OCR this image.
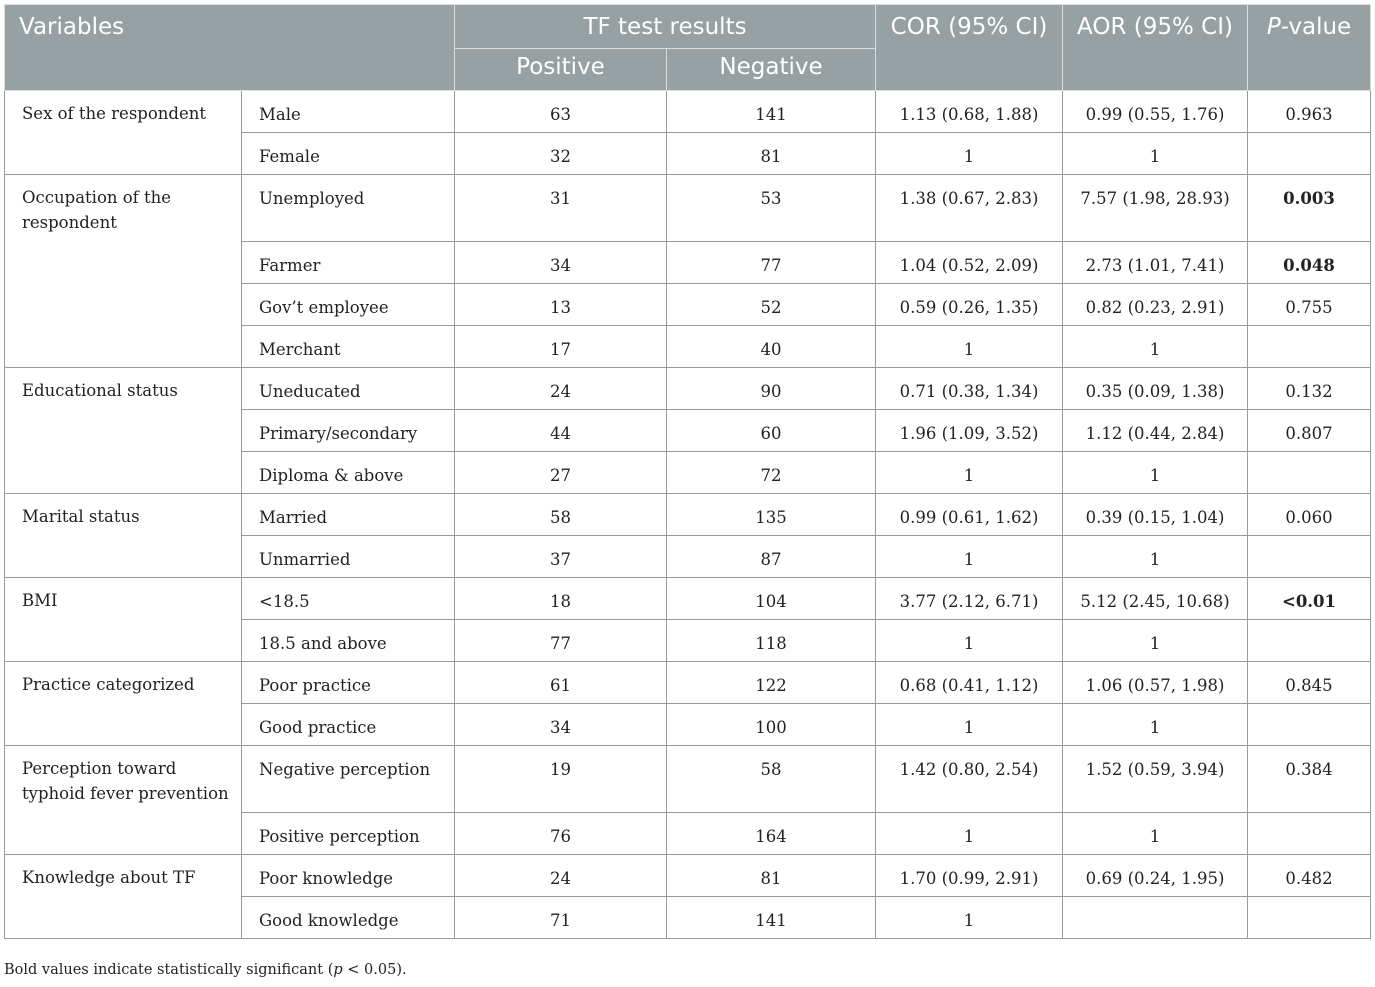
Variables		TF test results		COR (95% CI)	AOR (95% CI)	P-value
		Positive	Negative			
Sex of the respondent	Male	63	141	1.13 (0.68, 1.88)	0.99 (0.55, 1.76)	0.963
	Female	32	81	1	1	
Occupation of the respondent	Unemployed	31	53	1.38 (0.67, 2.83)	7.57 (1.98, 28.93)	0.003
	Farmer	34	77	1.04 (0.52, 2.09)	2.73 (1.01, 7.41)	0.048
	Gov’t employee	13	52	0.59 (0.26, 1.35)	0.82 (0.23, 2.91)	0.755
	Merchant	17	40	1	1	
Educational status	Uneducated	24	90	0.71 (0.38, 1.34)	0.35 (0.09, 1.38)	0.132
	Primary/secondary	44	60	1.96 (1.09, 3.52)	1.12 (0.44, 2.84)	0.807
	Diploma & above	27	72	1	1	
Marital status	Married	58	135	0.99 (0.61, 1.62)	0.39 (0.15, 1.04)	0.060
	Unmarried	37	87	1	1	
BMI	<18.5	18	104	3.77 (2.12, 6.71)	5.12 (2.45, 10.68)	<0.01
	18.5 and above	77	118	1	1	
Practice categorized	Poor practice	61	122	0.68 (0.41, 1.12)	1.06 (0.57, 1.98)	0.845
	Good practice	34	100	1	1	
Perception toward typhoid fever prevention	Negative perception	19	58	1.42 (0.80, 2.54)	1.52 (0.59, 3.94)	0.384
	Positive perception	76	164	1	1	
Knowledge about TF	Poor knowledge	24	81	1.70 (0.99, 2.91)	0.69 (0.24, 1.95)	0.482
	Good knowledge	71	141	1		
Bold values indicate statistically significant (p < 0.05).
